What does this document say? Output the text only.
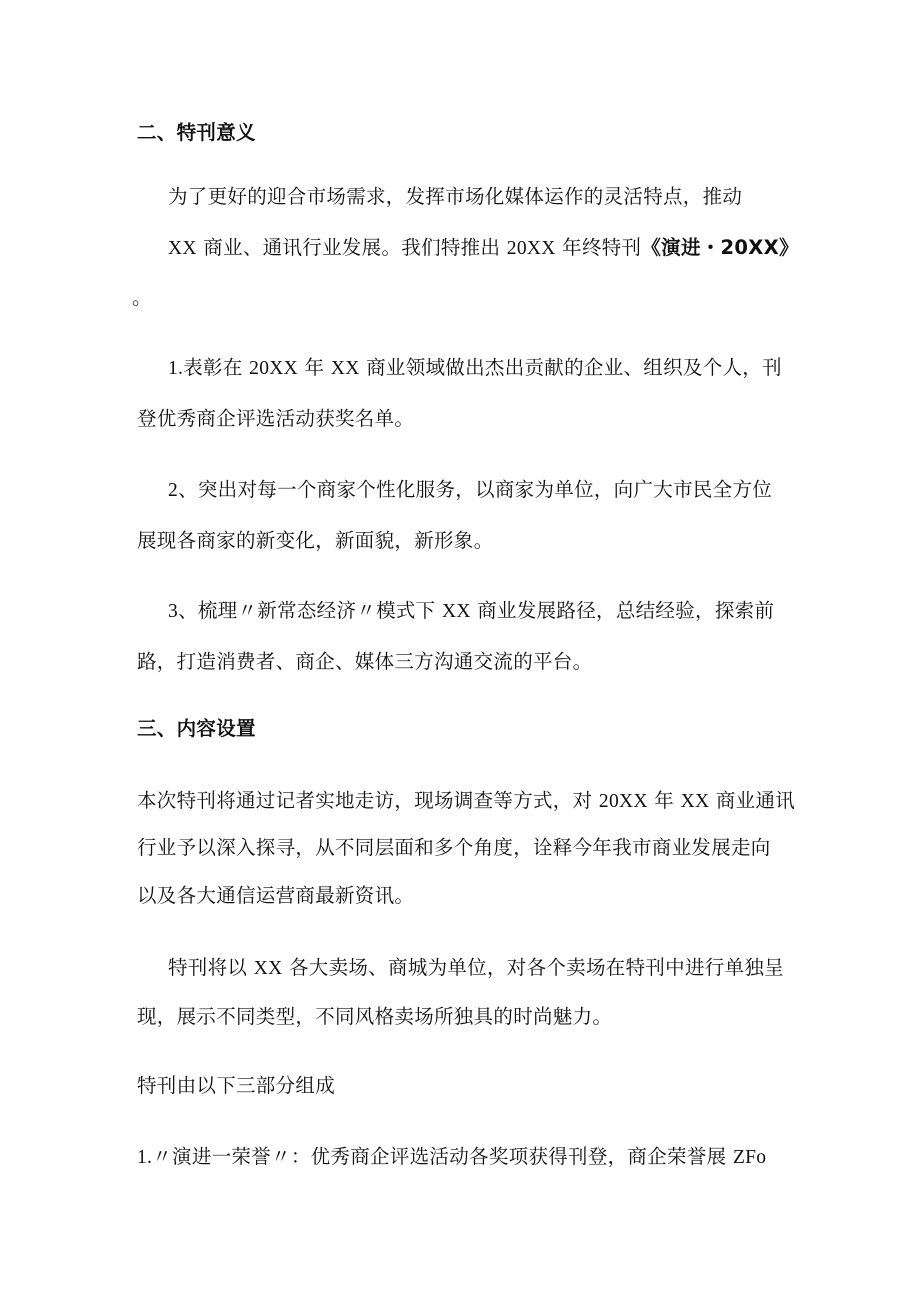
二、特刊意义
为了更好的迎合市场需求，发挥市场化媒体运作的灵活特点，推动
XX 商业、通讯行业发展。我们特推出 20XX 年终特刊《演进・20XX》
。
1.表彰在 20XX 年 XX 商业领域做出杰出贡献的企业、组织及个人，刊
登优秀商企评选活动获奖名单。
2、突出对每一个商家个性化服务，以商家为单位，向广大市民全方位
展现各商家的新变化，新面貌，新形象。
3、梳理〃新常态经济〃模式下 XX 商业发展路径，总结经验，探索前
路，打造消费者、商企、媒体三方沟通交流的平台。
三、内容设置
本次特刊将通过记者实地走访，现场调查等方式，对 20XX 年 XX 商业通讯
行业予以深入探寻，从不同层面和多个角度，诠释今年我市商业发展走向
以及各大通信运营商最新资讯。
特刊将以 XX 各大卖场、商城为单位，对各个卖场在特刊中进行单独呈
现，展示不同类型，不同风格卖场所独具的时尚魅力。
特刊由以下三部分组成
1.〃演进一荣誉〃：优秀商企评选活动各奖项获得刊登，商企荣誉展 ZFo
